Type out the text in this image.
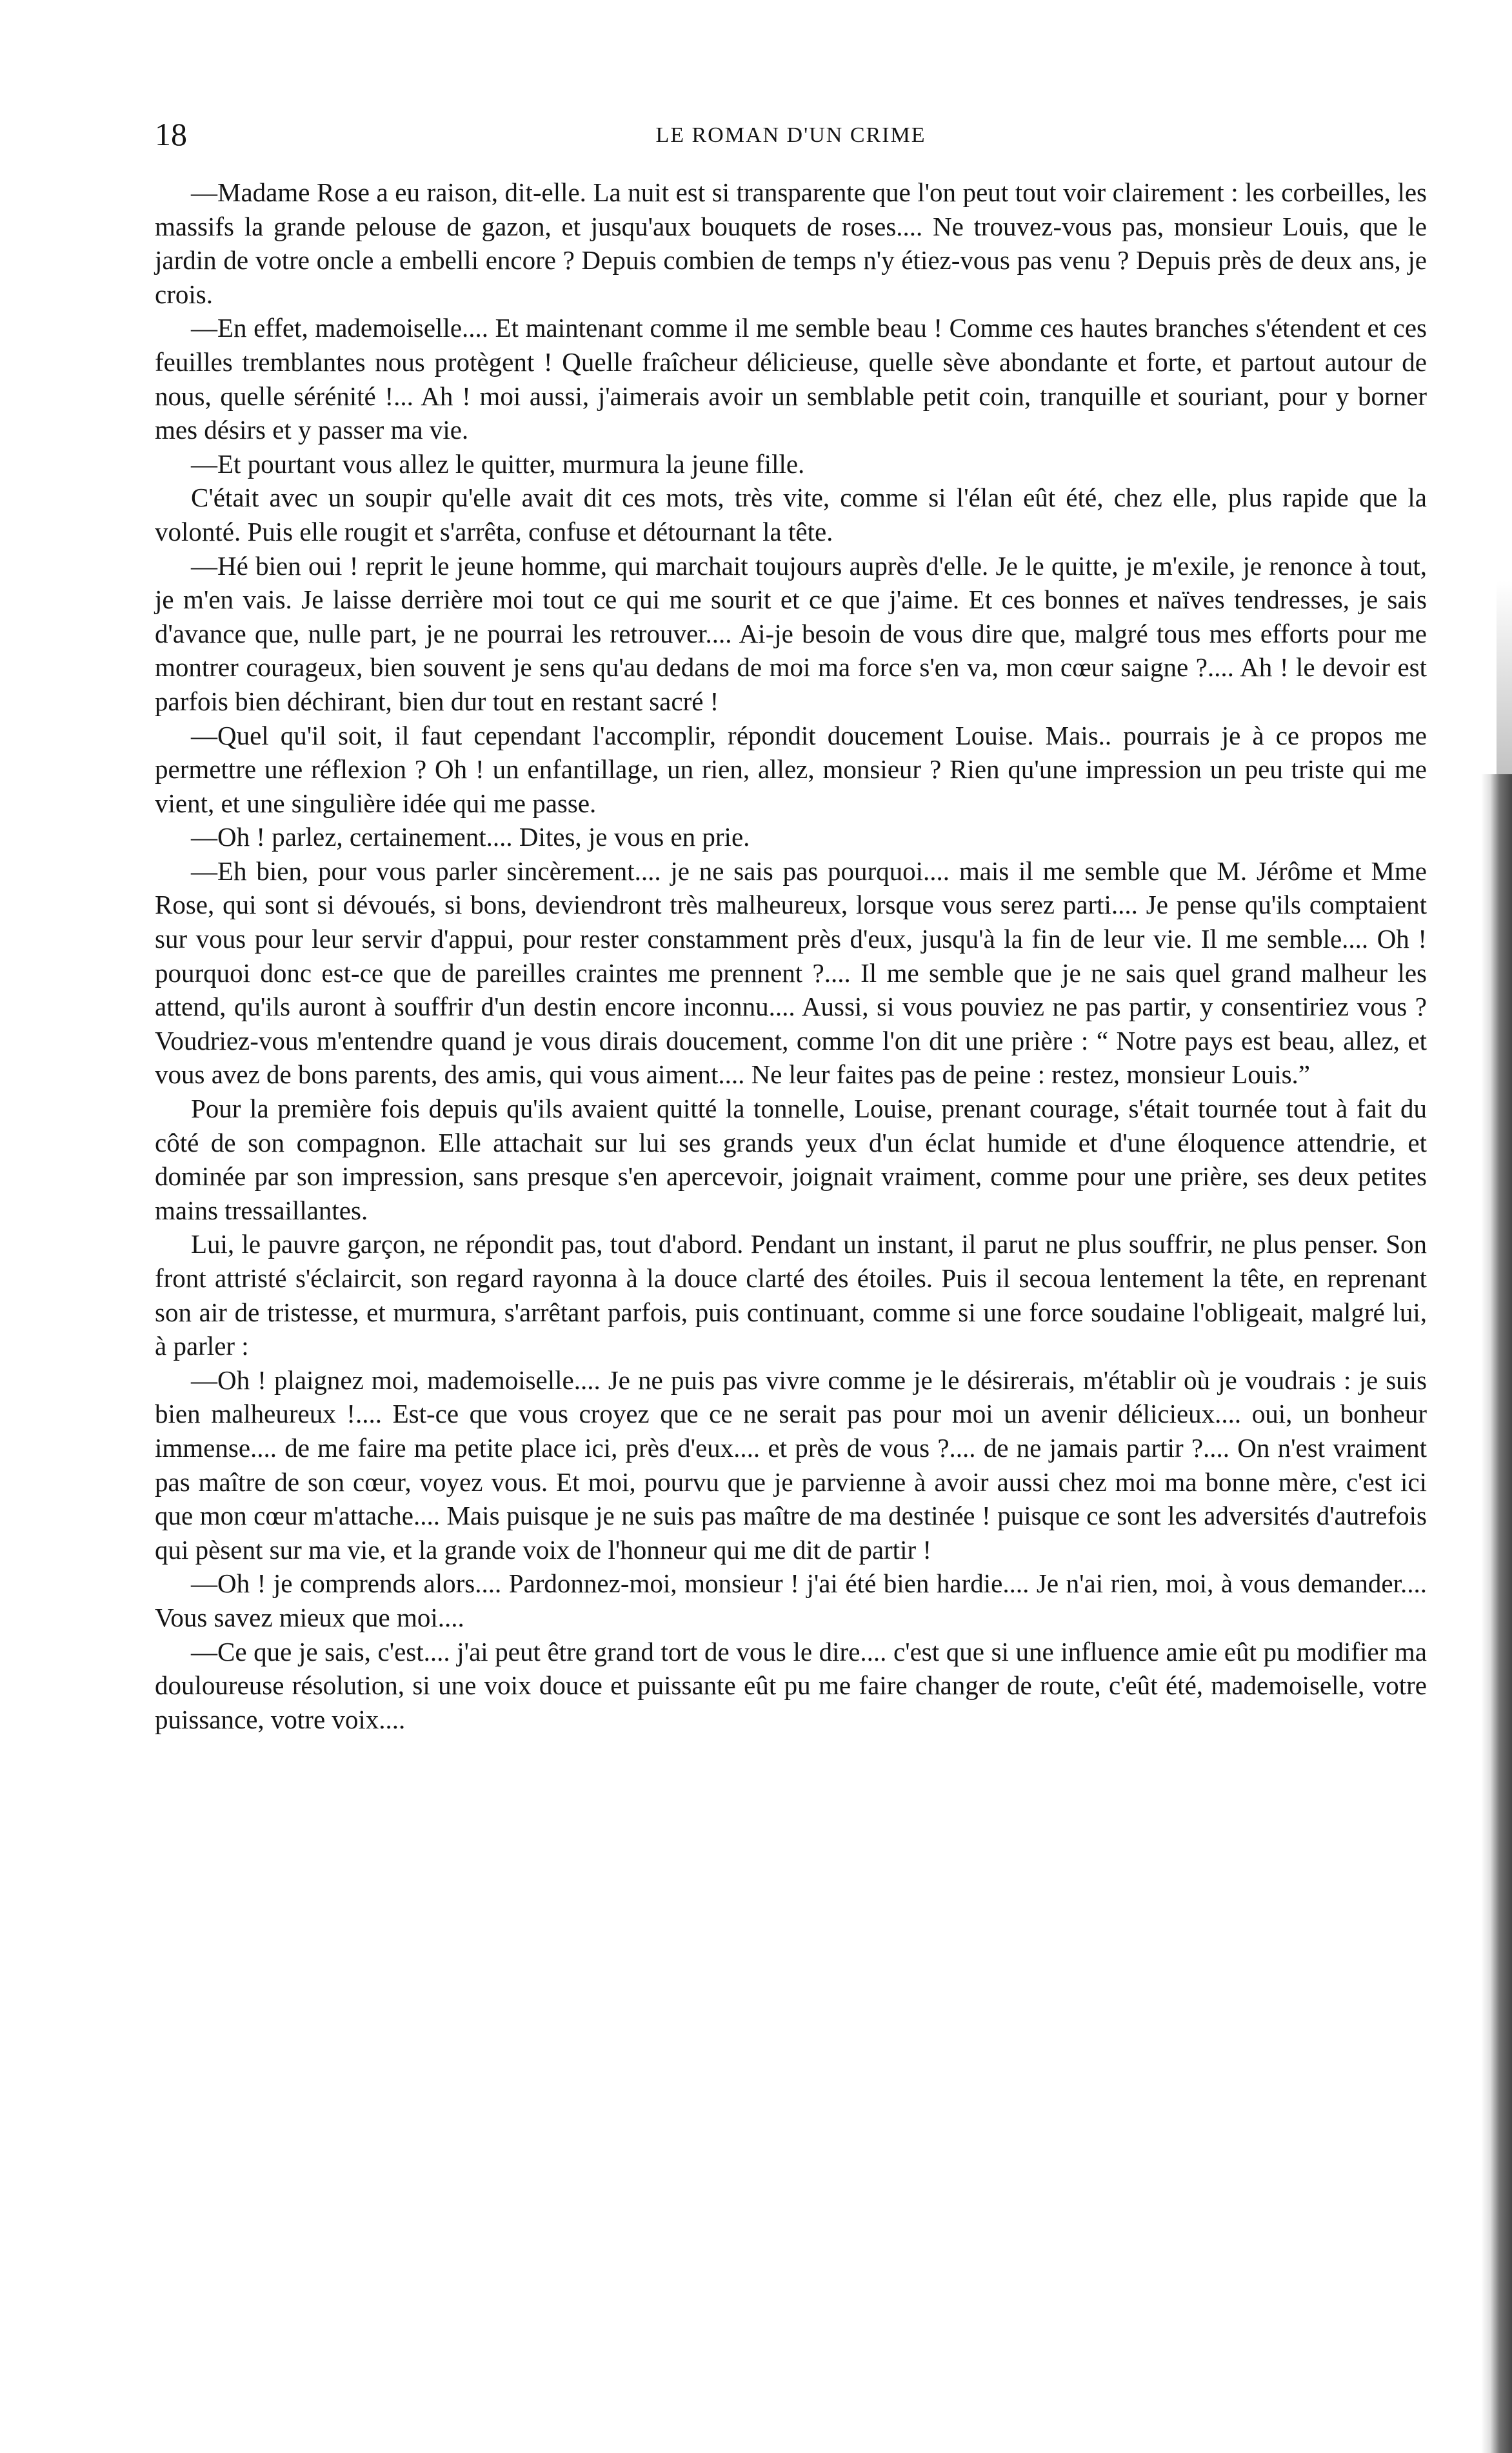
18	LE ROMAN D'UN CRIME

—Madame Rose a eu raison, dit-elle. La nuit est si transparente que l'on peut tout voir clairement : les corbeilles, les massifs la grande pelouse de gazon, et jusqu'aux bouquets de roses.... Ne trouvez-vous pas, monsieur Louis, que le jardin de votre oncle a embelli encore ? Depuis combien de temps n'y étiez-vous pas venu ? Depuis près de deux ans, je crois.

—En effet, mademoiselle.... Et maintenant comme il me semble beau ! Comme ces hautes branches s'étendent et ces feuilles tremblantes nous protègent ! Quelle fraîcheur délicieuse, quelle sève abondante et forte, et partout autour de nous, quelle sérénité !... Ah ! moi aussi, j'aimerais avoir un semblable petit coin, tranquille et souriant, pour y borner mes désirs et y passer ma vie.

—Et pourtant vous allez le quitter, murmura la jeune fille.

C'était avec un soupir qu'elle avait dit ces mots, très vite, comme si l'élan eût été, chez elle, plus rapide que la volonté. Puis elle rougit et s'arrêta, confuse et détournant la tête.

—Hé bien oui ! reprit le jeune homme, qui marchait toujours auprès d'elle. Je le quitte, je m'exile, je renonce à tout, je m'en vais. Je laisse derrière moi tout ce qui me sourit et ce que j'aime. Et ces bonnes et naïves tendresses, je sais d'avance que, nulle part, je ne pourrai les retrouver.... Ai-je besoin de vous dire que, malgré tous mes efforts pour me montrer courageux, bien souvent je sens qu'au dedans de moi ma force s'en va, mon cœur saigne ?.... Ah ! le devoir est parfois bien déchirant, bien dur tout en restant sacré !

—Quel qu'il soit, il faut cependant l'accomplir, répondit doucement Louise. Mais.. pourrais je à ce propos me permettre une réflexion ? Oh ! un enfantillage, un rien, allez, monsieur ? Rien qu'une impression un peu triste qui me vient, et une singulière idée qui me passe.

—Oh ! parlez, certainement.... Dites, je vous en prie.

—Eh bien, pour vous parler sincèrement.... je ne sais pas pourquoi.... mais il me semble que M. Jérôme et Mme Rose, qui sont si dévoués, si bons, deviendront très malheureux, lorsque vous serez parti.... Je pense qu'ils comptaient sur vous pour leur servir d'appui, pour rester constamment près d'eux, jusqu'à la fin de leur vie. Il me semble.... Oh ! pourquoi donc est-ce que de pareilles craintes me prennent ?.... Il me semble que je ne sais quel grand malheur les attend, qu'ils auront à souffrir d'un destin encore inconnu.... Aussi, si vous pouviez ne pas partir, y consentiriez vous ? Voudriez-vous m'entendre quand je vous dirais doucement, comme l'on dit une prière : “ Notre pays est beau, allez, et vous avez de bons parents, des amis, qui vous aiment.... Ne leur faites pas de peine : restez, monsieur Louis.”

Pour la première fois depuis qu'ils avaient quitté la tonnelle, Louise, prenant courage, s'était tournée tout à fait du côté de son compagnon. Elle attachait sur lui ses grands yeux d'un éclat humide et d'une éloquence attendrie, et dominée par son impression, sans presque s'en apercevoir, joignait vraiment, comme pour une prière, ses deux petites mains tressaillantes.

Lui, le pauvre garçon, ne répondit pas, tout d'abord. Pendant un instant, il parut ne plus souffrir, ne plus penser. Son front attristé s'éclaircit, son regard rayonna à la douce clarté des étoiles. Puis il secoua lentement la tête, en reprenant son air de tristesse, et murmura, s'arrêtant parfois, puis continuant, comme si une force soudaine l'obligeait, malgré lui, à parler :

—Oh ! plaignez moi, mademoiselle.... Je ne puis pas vivre comme je le désirerais, m'établir où je voudrais : je suis bien malheureux !.... Est-ce que vous croyez que ce ne serait pas pour moi un avenir délicieux.... oui, un bonheur immense.... de me faire ma petite place ici, près d'eux.... et près de vous ?.... de ne jamais partir ?.... On n'est vraiment pas maître de son cœur, voyez vous. Et moi, pourvu que je parvienne à avoir aussi chez moi ma bonne mère, c'est ici que mon cœur m'attache.... Mais puisque je ne suis pas maître de ma destinée ! puisque ce sont les adversités d'autrefois qui pèsent sur ma vie, et la grande voix de l'honneur qui me dit de partir !

—Oh ! je comprends alors.... Pardonnez-moi, monsieur ! j'ai été bien hardie.... Je n'ai rien, moi, à vous demander.... Vous savez mieux que moi....

—Ce que je sais, c'est.... j'ai peut être grand tort de vous le dire.... c'est que si une influence amie eût pu modifier ma douloureuse résolution, si une voix douce et puissante eût pu me faire changer de route, c'eût été, mademoiselle, votre puissance, votre voix....
